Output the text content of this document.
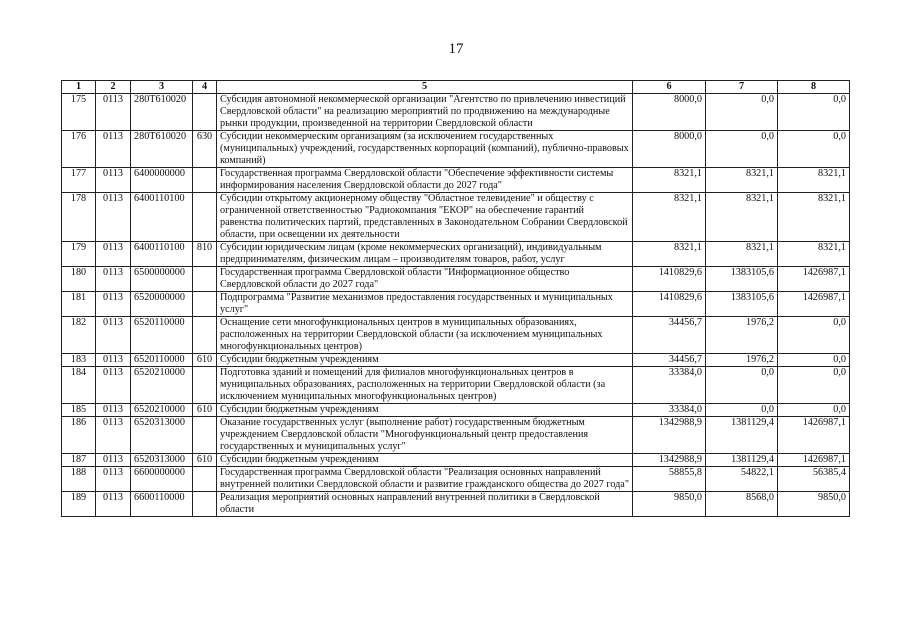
17
1	2	3	4	5	6	7	8
175	0113	280Т610020		Субсидия автономной некоммерческой организации "Агентство по привлечению инвестиций Свердловской области" на реализацию мероприятий по продвижению на международные рынки продукции, произведенной на территории Свердловской области	8000,0	0,0	0,0
176	0113	280Т610020	630	Субсидии некоммерческим организациям (за исключением государственных (муниципальных) учреждений, государственных корпораций (компаний), публично-правовых компаний)	8000,0	0,0	0,0
177	0113	6400000000		Государственная программа Свердловской области "Обеспечение эффективности системы информирования населения Свердловской области до 2027 года"	8321,1	8321,1	8321,1
178	0113	6400110100		Субсидии открытому акционерному обществу "Областное телевидение" и обществу с ограниченной ответственностью "Радиокомпания "ЕКОР" на обеспечение гарантий равенства политических партий, представленных в Законодательном Собрании Свердловской области, при освещении их деятельности	8321,1	8321,1	8321,1
179	0113	6400110100	810	Субсидии юридическим лицам (кроме некоммерческих организаций), индивидуальным предпринимателям, физическим лицам – производителям товаров, работ, услуг	8321,1	8321,1	8321,1
180	0113	6500000000		Государственная программа Свердловской области "Информационное общество Свердловской области до 2027 года"	1410829,6	1383105,6	1426987,1
181	0113	6520000000		Подпрограмма "Развитие механизмов предоставления государственных и муниципальных услуг"	1410829,6	1383105,6	1426987,1
182	0113	6520110000		Оснащение сети многофункциональных центров в муниципальных образованиях, расположенных на территории Свердловской области (за исключением муниципальных многофункциональных центров)	34456,7	1976,2	0,0
183	0113	6520110000	610	Субсидии бюджетным учреждениям	34456,7	1976,2	0,0
184	0113	6520210000		Подготовка зданий и помещений для филиалов многофункциональных центров в муниципальных образованиях, расположенных на территории Свердловской области (за исключением муниципальных многофункциональных центров)	33384,0	0,0	0,0
185	0113	6520210000	610	Субсидии бюджетным учреждениям	33384,0	0,0	0,0
186	0113	6520313000		Оказание государственных услуг (выполнение работ) государственным бюджетным учреждением Свердловской области "Многофункциональный центр предоставления государственных и муниципальных услуг"	1342988,9	1381129,4	1426987,1
187	0113	6520313000	610	Субсидии бюджетным учреждениям	1342988,9	1381129,4	1426987,1
188	0113	6600000000		Государственная программа Свердловской области "Реализация основных направлений внутренней политики Свердловской области и развитие гражданского общества до 2027 года"	58855,8	54822,1	56385,4
189	0113	6600110000		Реализация мероприятий основных направлений внутренней политики в Свердловской области	9850,0	8568,0	9850,0
